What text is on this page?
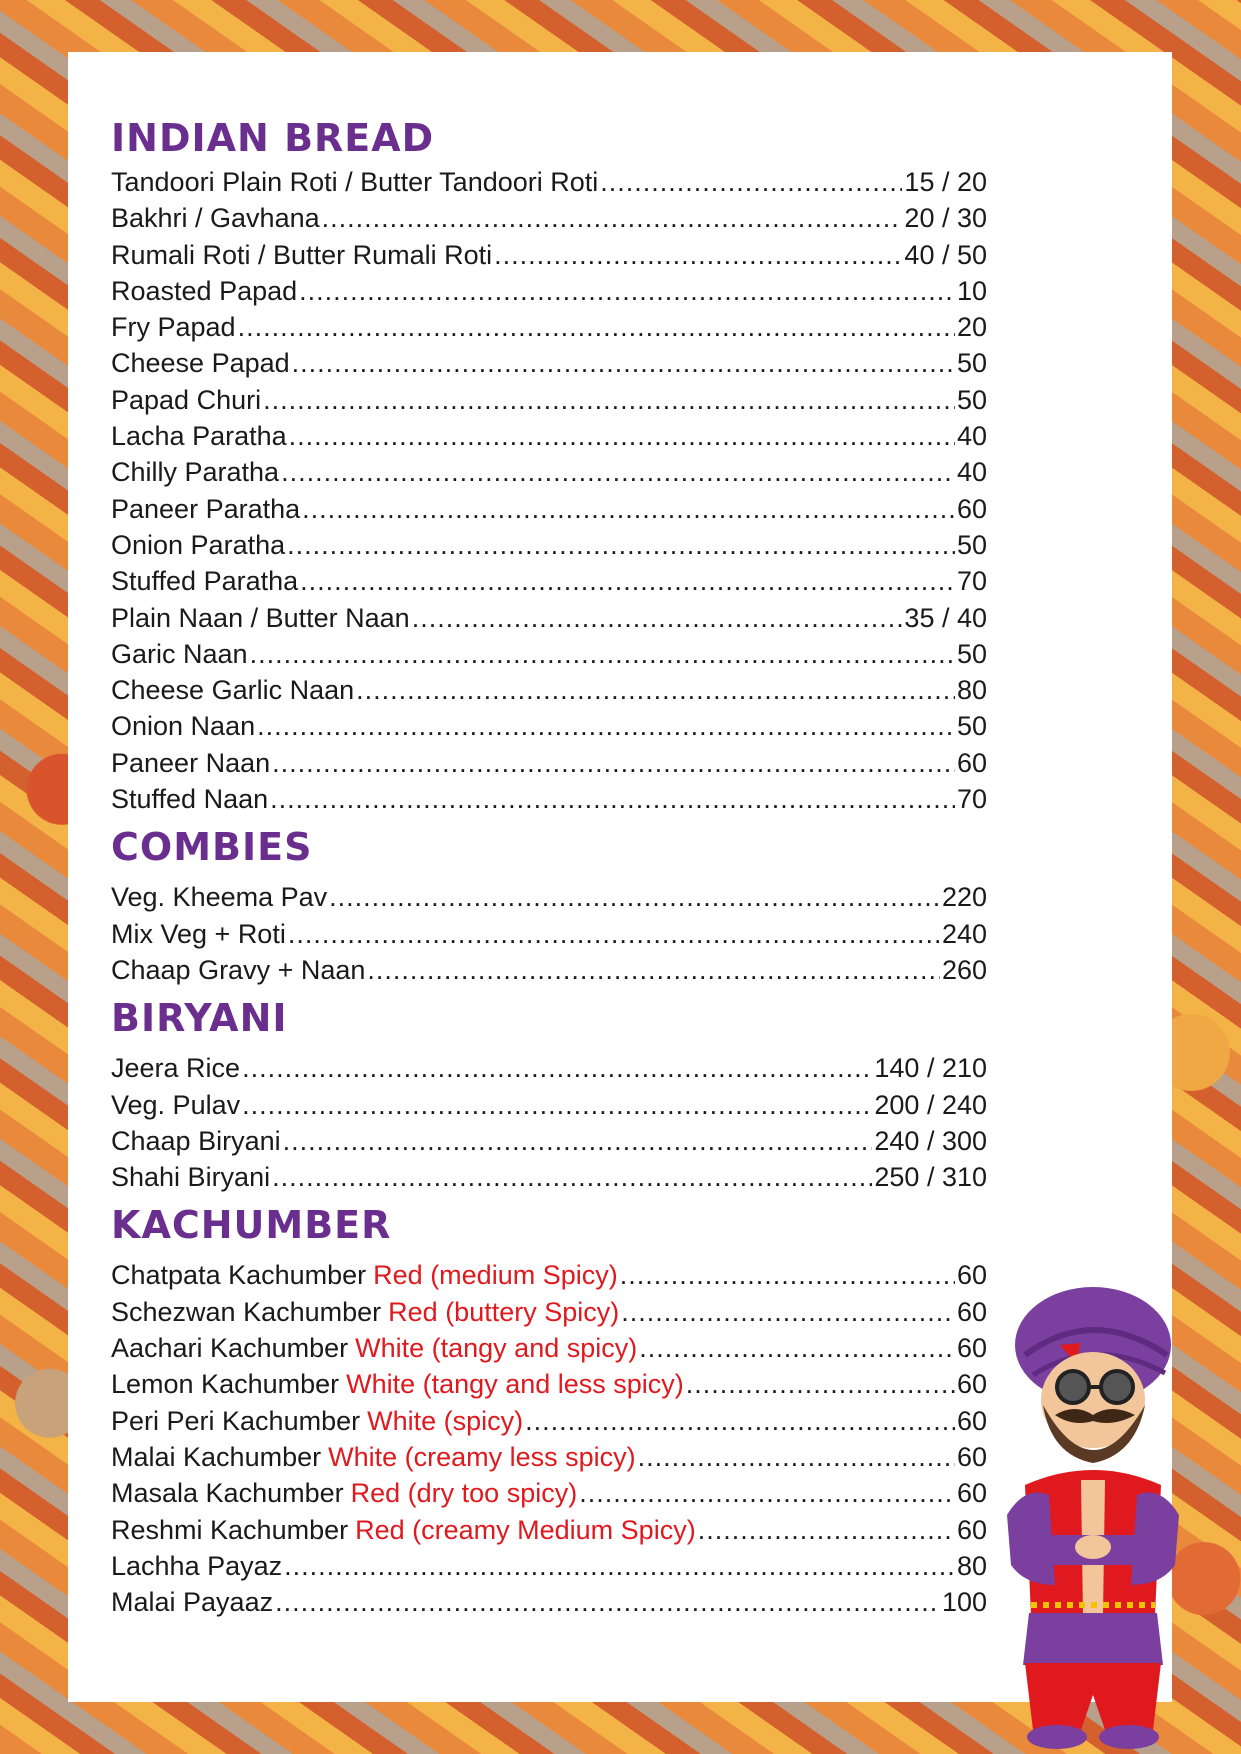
INDIAN BREAD
Tandoori Plain Roti / Butter Tandoori Roti .....	15 / 20
Bakhri / Gavhana .....	20 / 30
Rumali Roti / Butter Rumali Roti .....	40 / 50
Roasted Papad .....	10
Fry Papad .....	20
Cheese Papad .....	50
Papad Churi .....	50
Lacha Paratha .....	40
Chilly Paratha .....	40
Paneer Paratha .....	60
Onion Paratha .....	50
Stuffed Paratha .....	70
Plain Naan / Butter Naan .....	35 / 40
Garic Naan .....	50
Cheese Garlic Naan .....	80
Onion Naan .....	50
Paneer Naan .....	60
Stuffed Naan .....	70
COMBIES
Veg. Kheema Pav .....	220
Mix Veg + Roti .....	240
Chaap Gravy + Naan .....	260
BIRYANI
Jeera Rice .....	140 / 210
Veg. Pulav .....	200 / 240
Chaap Biryani .....	240 / 300
Shahi Biryani .....	250 / 310
KACHUMBER
Chatpata Kachumber Red (medium Spicy) .....	60
Schezwan Kachumber Red (buttery Spicy) .....	60
Aachari Kachumber White (tangy and spicy) .....	60
Lemon Kachumber White (tangy and less spicy) .....	60
Peri Peri Kachumber White (spicy) .....	60
Malai Kachumber White (creamy less spicy) .....	60
Masala Kachumber Red (dry too spicy) .....	60
Reshmi Kachumber Red (creamy Medium Spicy) .....	60
Lachha Payaz .....	80
Malai Payaaz .....	100
